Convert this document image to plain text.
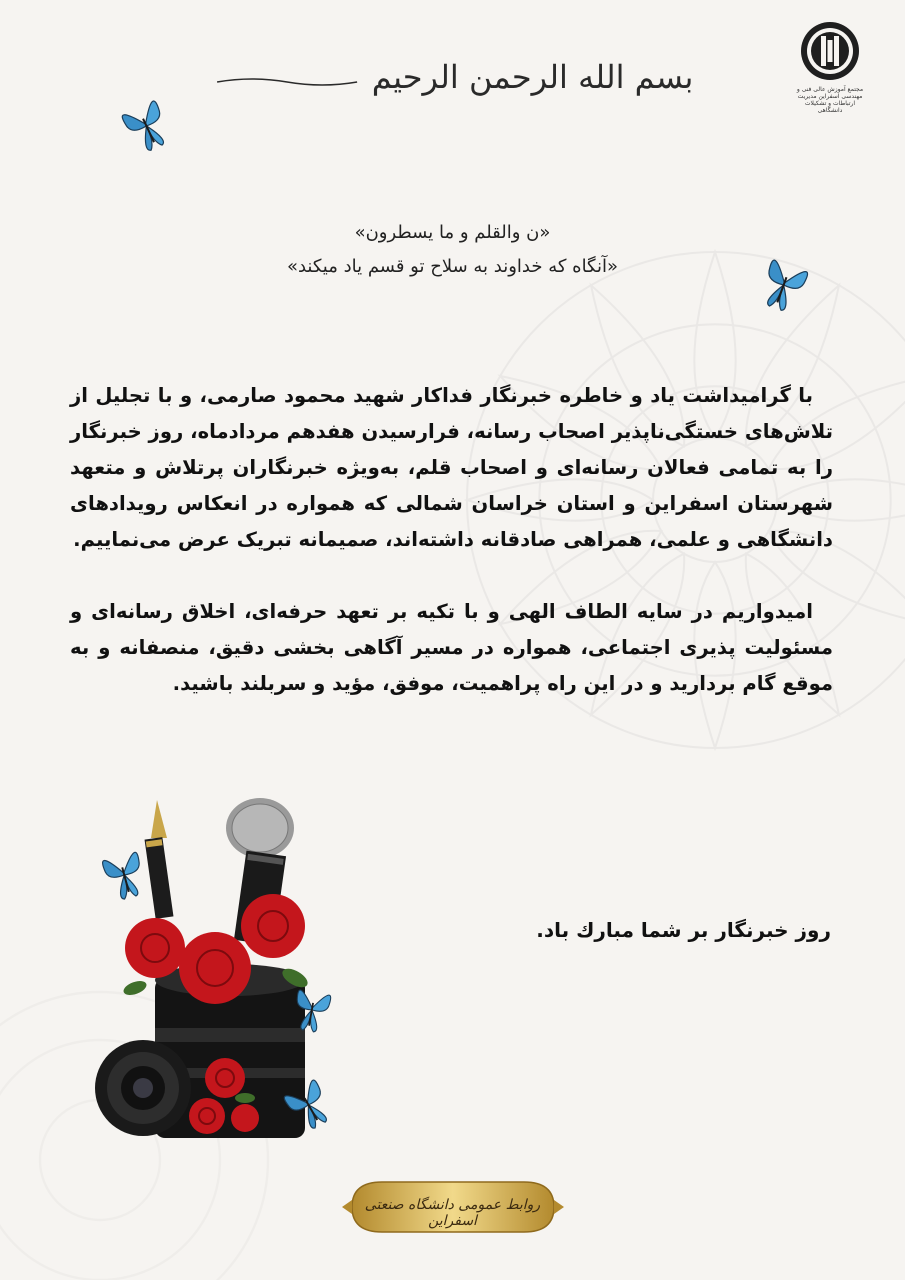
مجتمع آموزش عالی فنی و مهندسی اسفراین مدیریت ارتباطات و تشکیلات دانشگاهی
بسم الله الرحمن الرحیم
«ن والقلم و ما یسطرون»
«آنگاه که خداوند به سلاح تو قسم یاد میکند»

با گرامیداشت یاد و خاطره خبرنگار فداکار شهید محمود صارمی، و با تجلیل از تلاش‌های خستگی‌ناپذیر اصحاب رسانه، فرارسیدن هفدهم مردادماه، روز خبرنگار را به تمامی فعالان رسانه‌ای و اصحاب قلم، به‌ویژه خبرنگاران پرتلاش و متعهد شهرستان اسفراین و استان خراسان شمالی که همواره در انعکاس رویدادهای دانشگاهی و علمی، همراهی صادقانه داشته‌اند، صمیمانه تبریک عرض می‌نماییم.

امیدواریم در سایه الطاف الهی و با تکیه بر تعهد حرفه‌ای، اخلاق رسانه‌ای و مسئولیت پذیری اجتماعی، همواره در مسیر آگاهی بخشی دقیق، منصفانه و به موقع گام بردارید و در این راه پراهمیت، موفق، مؤید و سربلند باشید.

روز خبرنگار بر شما مبارك باد.
روابط عمومی دانشگاه صنعتی اسفراین
